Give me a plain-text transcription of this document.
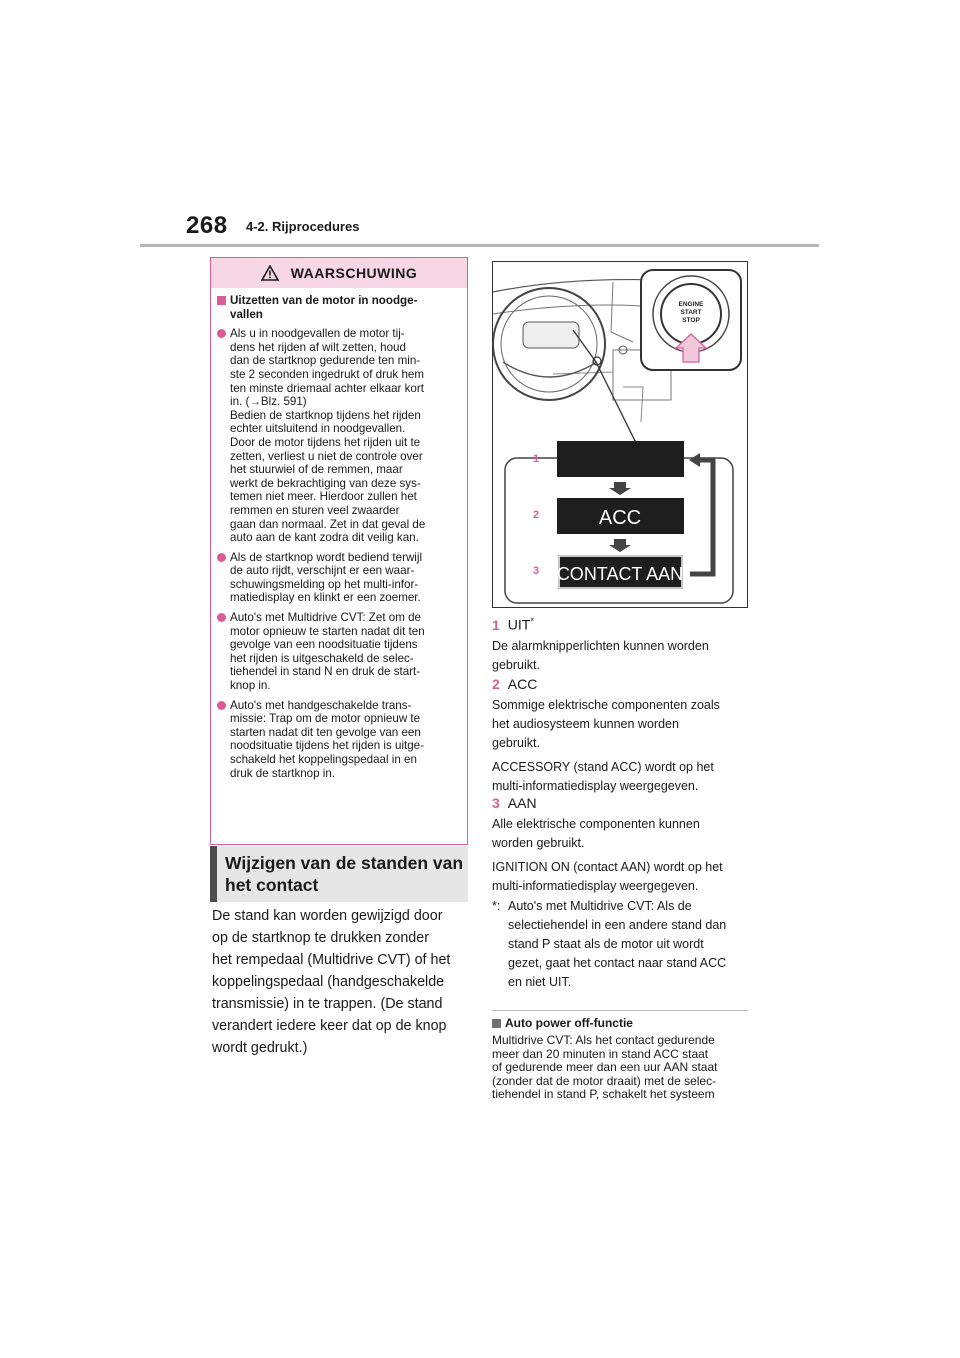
268 4-2. Rijprocedures
WAARSCHUWING
Uitzetten van de motor in noodge-
vallen
Als u in noodgevallen de motor tij-
dens het rijden af wilt zetten, houd
dan de startknop gedurende ten min-
ste 2 seconden ingedrukt of druk hem
ten minste driemaal achter elkaar kort
in. (→Blz. 591)
Bedien de startknop tijdens het rijden
echter uitsluitend in noodgevallen.
Door de motor tijdens het rijden uit te
zetten, verliest u niet de controle over
het stuurwiel of de remmen, maar
werkt de bekrachtiging van deze sys-
temen niet meer. Hierdoor zullen het
remmen en sturen veel zwaarder
gaan dan normaal. Zet in dat geval de
auto aan de kant zodra dit veilig kan.
Als de startknop wordt bediend terwijl
de auto rijdt, verschijnt er een waar-
schuwingsmelding op het multi-infor-
matiedisplay en klinkt er een zoemer.
Auto's met Multidrive CVT: Zet om de
motor opnieuw te starten nadat dit ten
gevolge van een noodsituatie tijdens
het rijden is uitgeschakeld de selec-
tiehendel in stand N en druk de start-
knop in.
Auto's met handgeschakelde trans-
missie: Trap om de motor opnieuw te
starten nadat dit ten gevolge van een
noodsituatie tijdens het rijden is uitge-
schakeld het koppelingspedaal in en
druk de startknop in.
Wijzigen van de standen van
het contact
De stand kan worden gewijzigd door
op de startknop te drukken zonder
het rempedaal (Multidrive CVT) of het
koppelingspedaal (handgeschakelde
transmissie) in te trappen. (De stand
verandert iedere keer dat op de knop
wordt gedrukt.)
ENGINE
START
STOP
1
2
3
ACC
CONTACT AAN
1 UIT*
De alarmknipperlichten kunnen worden
gebruikt.
2 ACC
Sommige elektrische componenten zoals
het audiosysteem kunnen worden
gebruikt.
ACCESSORY (stand ACC) wordt op het
multi-informatiedisplay weergegeven.
3 AAN
Alle elektrische componenten kunnen
worden gebruikt.
IGNITION ON (contact AAN) wordt op het
multi-informatiedisplay weergegeven.
*: Auto's met Multidrive CVT: Als de
selectiehendel in een andere stand dan
stand P staat als de motor uit wordt
gezet, gaat het contact naar stand ACC
en niet UIT.
Auto power off-functie
Multidrive CVT: Als het contact gedurende
meer dan 20 minuten in stand ACC staat
of gedurende meer dan een uur AAN staat
(zonder dat de motor draait) met de selec-
tiehendel in stand P, schakelt het systeem
